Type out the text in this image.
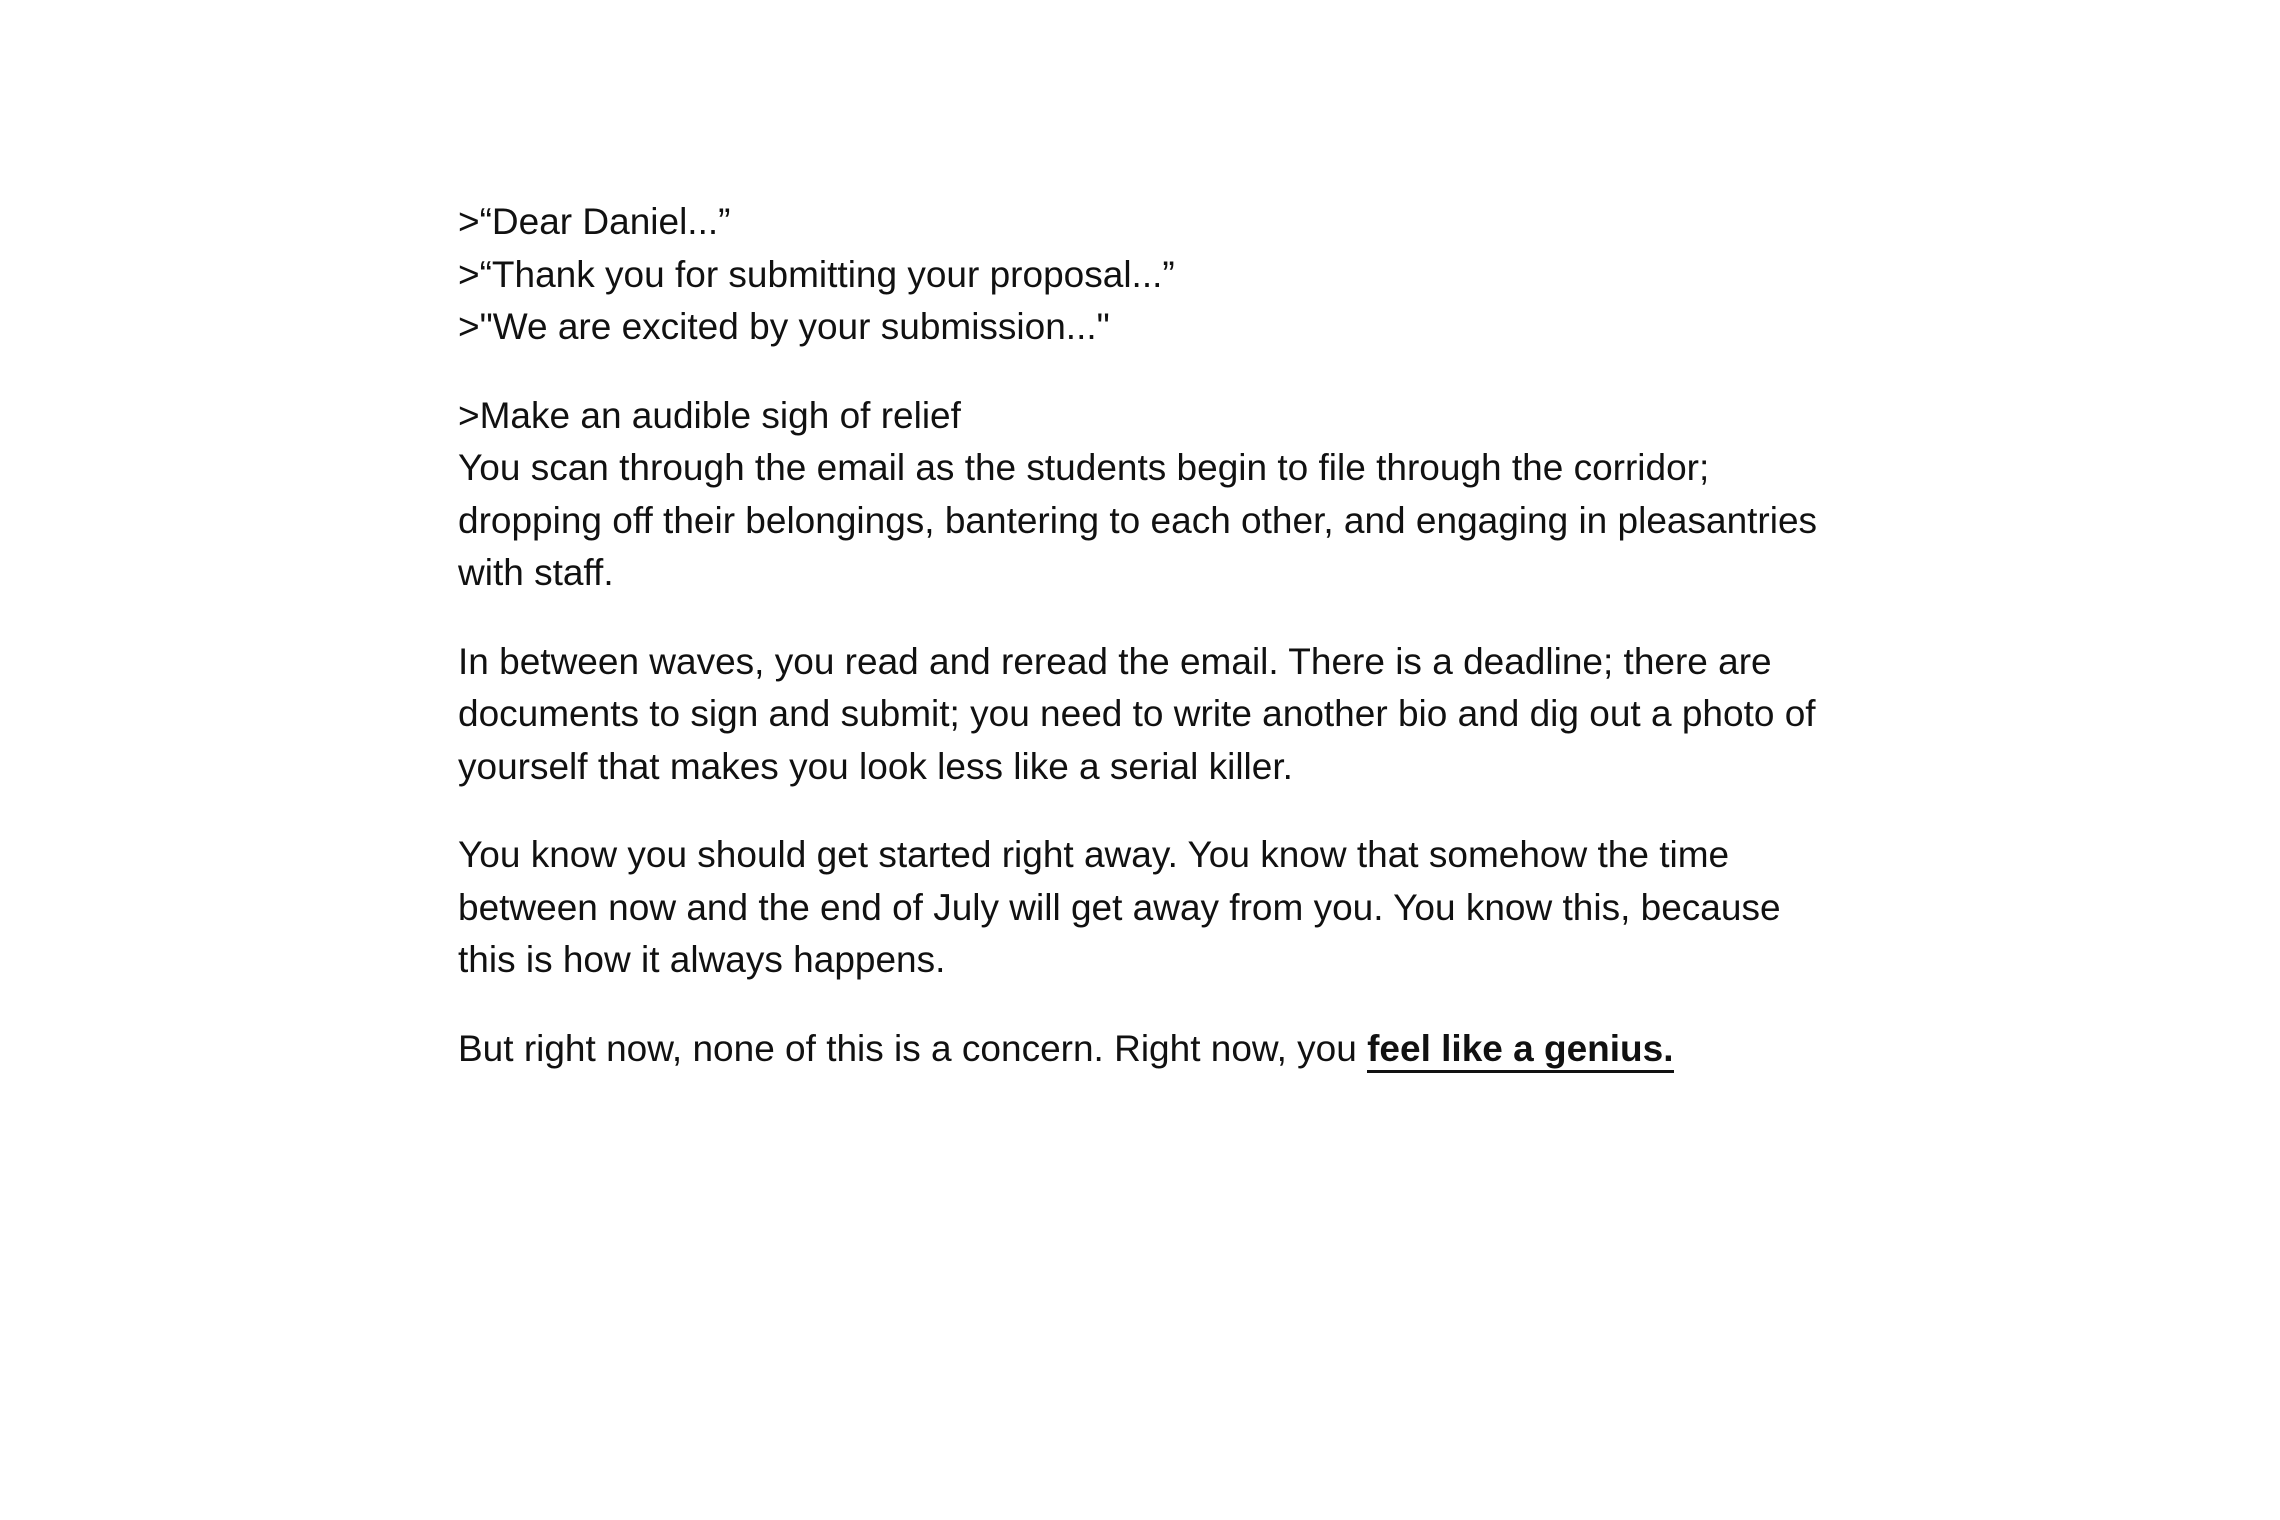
>“Dear Daniel...”
>“Thank you for submitting your proposal...”
>"We are excited by your submission..."
>Make an audible sigh of relief
You scan through the email as the students begin to file through the corridor; dropping off their belongings, bantering to each other, and engaging in pleasantries with staff.
In between waves, you read and reread the email. There is a deadline; there are documents to sign and submit; you need to write another bio and dig out a photo of yourself that makes you look less like a serial killer.
You know you should get started right away. You know that somehow the time between now and the end of July will get away from you. You know this, because this is how it always happens.
But right now, none of this is a concern. Right now, you feel like a genius.
